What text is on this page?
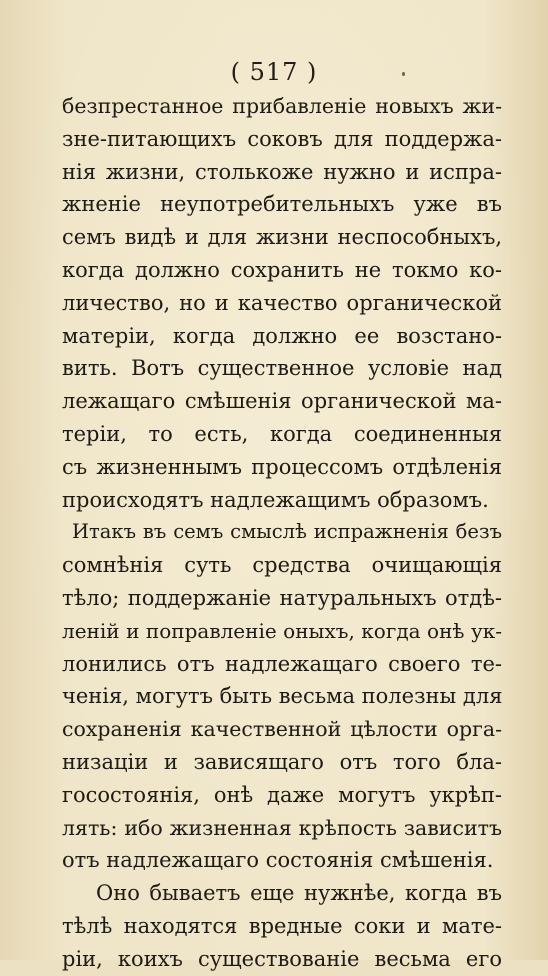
( 517 )
безпрестанное прибавленіе новыхъ жи-
зне-питающихъ соковъ для поддержа-
нія жизни, столькоже нужно и испра-
жненіе неупотребительныхъ уже въ
семъ видѣ и для жизни неспособныхъ,
когда должно сохранить не токмо ко-
личество, но и качество органической
матеріи, когда должно ее возстано-
вить. Вотъ существенное условіе над
лежащаго смѣшенія органической ма-
теріи, то есть, когда соединенныя
съ жизненнымъ процессомъ отдѣленія
происходятъ надлежащимъ образомъ.
Итакъ въ семъ смыслѣ испражненія безъ
сомнѣнія суть средства очищающія
тѣло; поддержаніе натуральныхъ отдѣ-
леній и поправленіе оныхъ, когда онѣ ук-
лонились отъ надлежащаго своего те-
ченія, могутъ быть весьма полезны для
сохраненія качественной цѣлости орга-
низаціи и зависящаго отъ того бла-
госостоянія, онѣ даже могутъ укрѣп-
лять: ибо жизненная крѣпость зависитъ
отъ надлежащаго состоянія смѣшенія.
Оно бываетъ еще нужнѣе, когда въ
тѣлѣ находятся вредные соки и мате-
ріи, коихъ существованіе весьма его
